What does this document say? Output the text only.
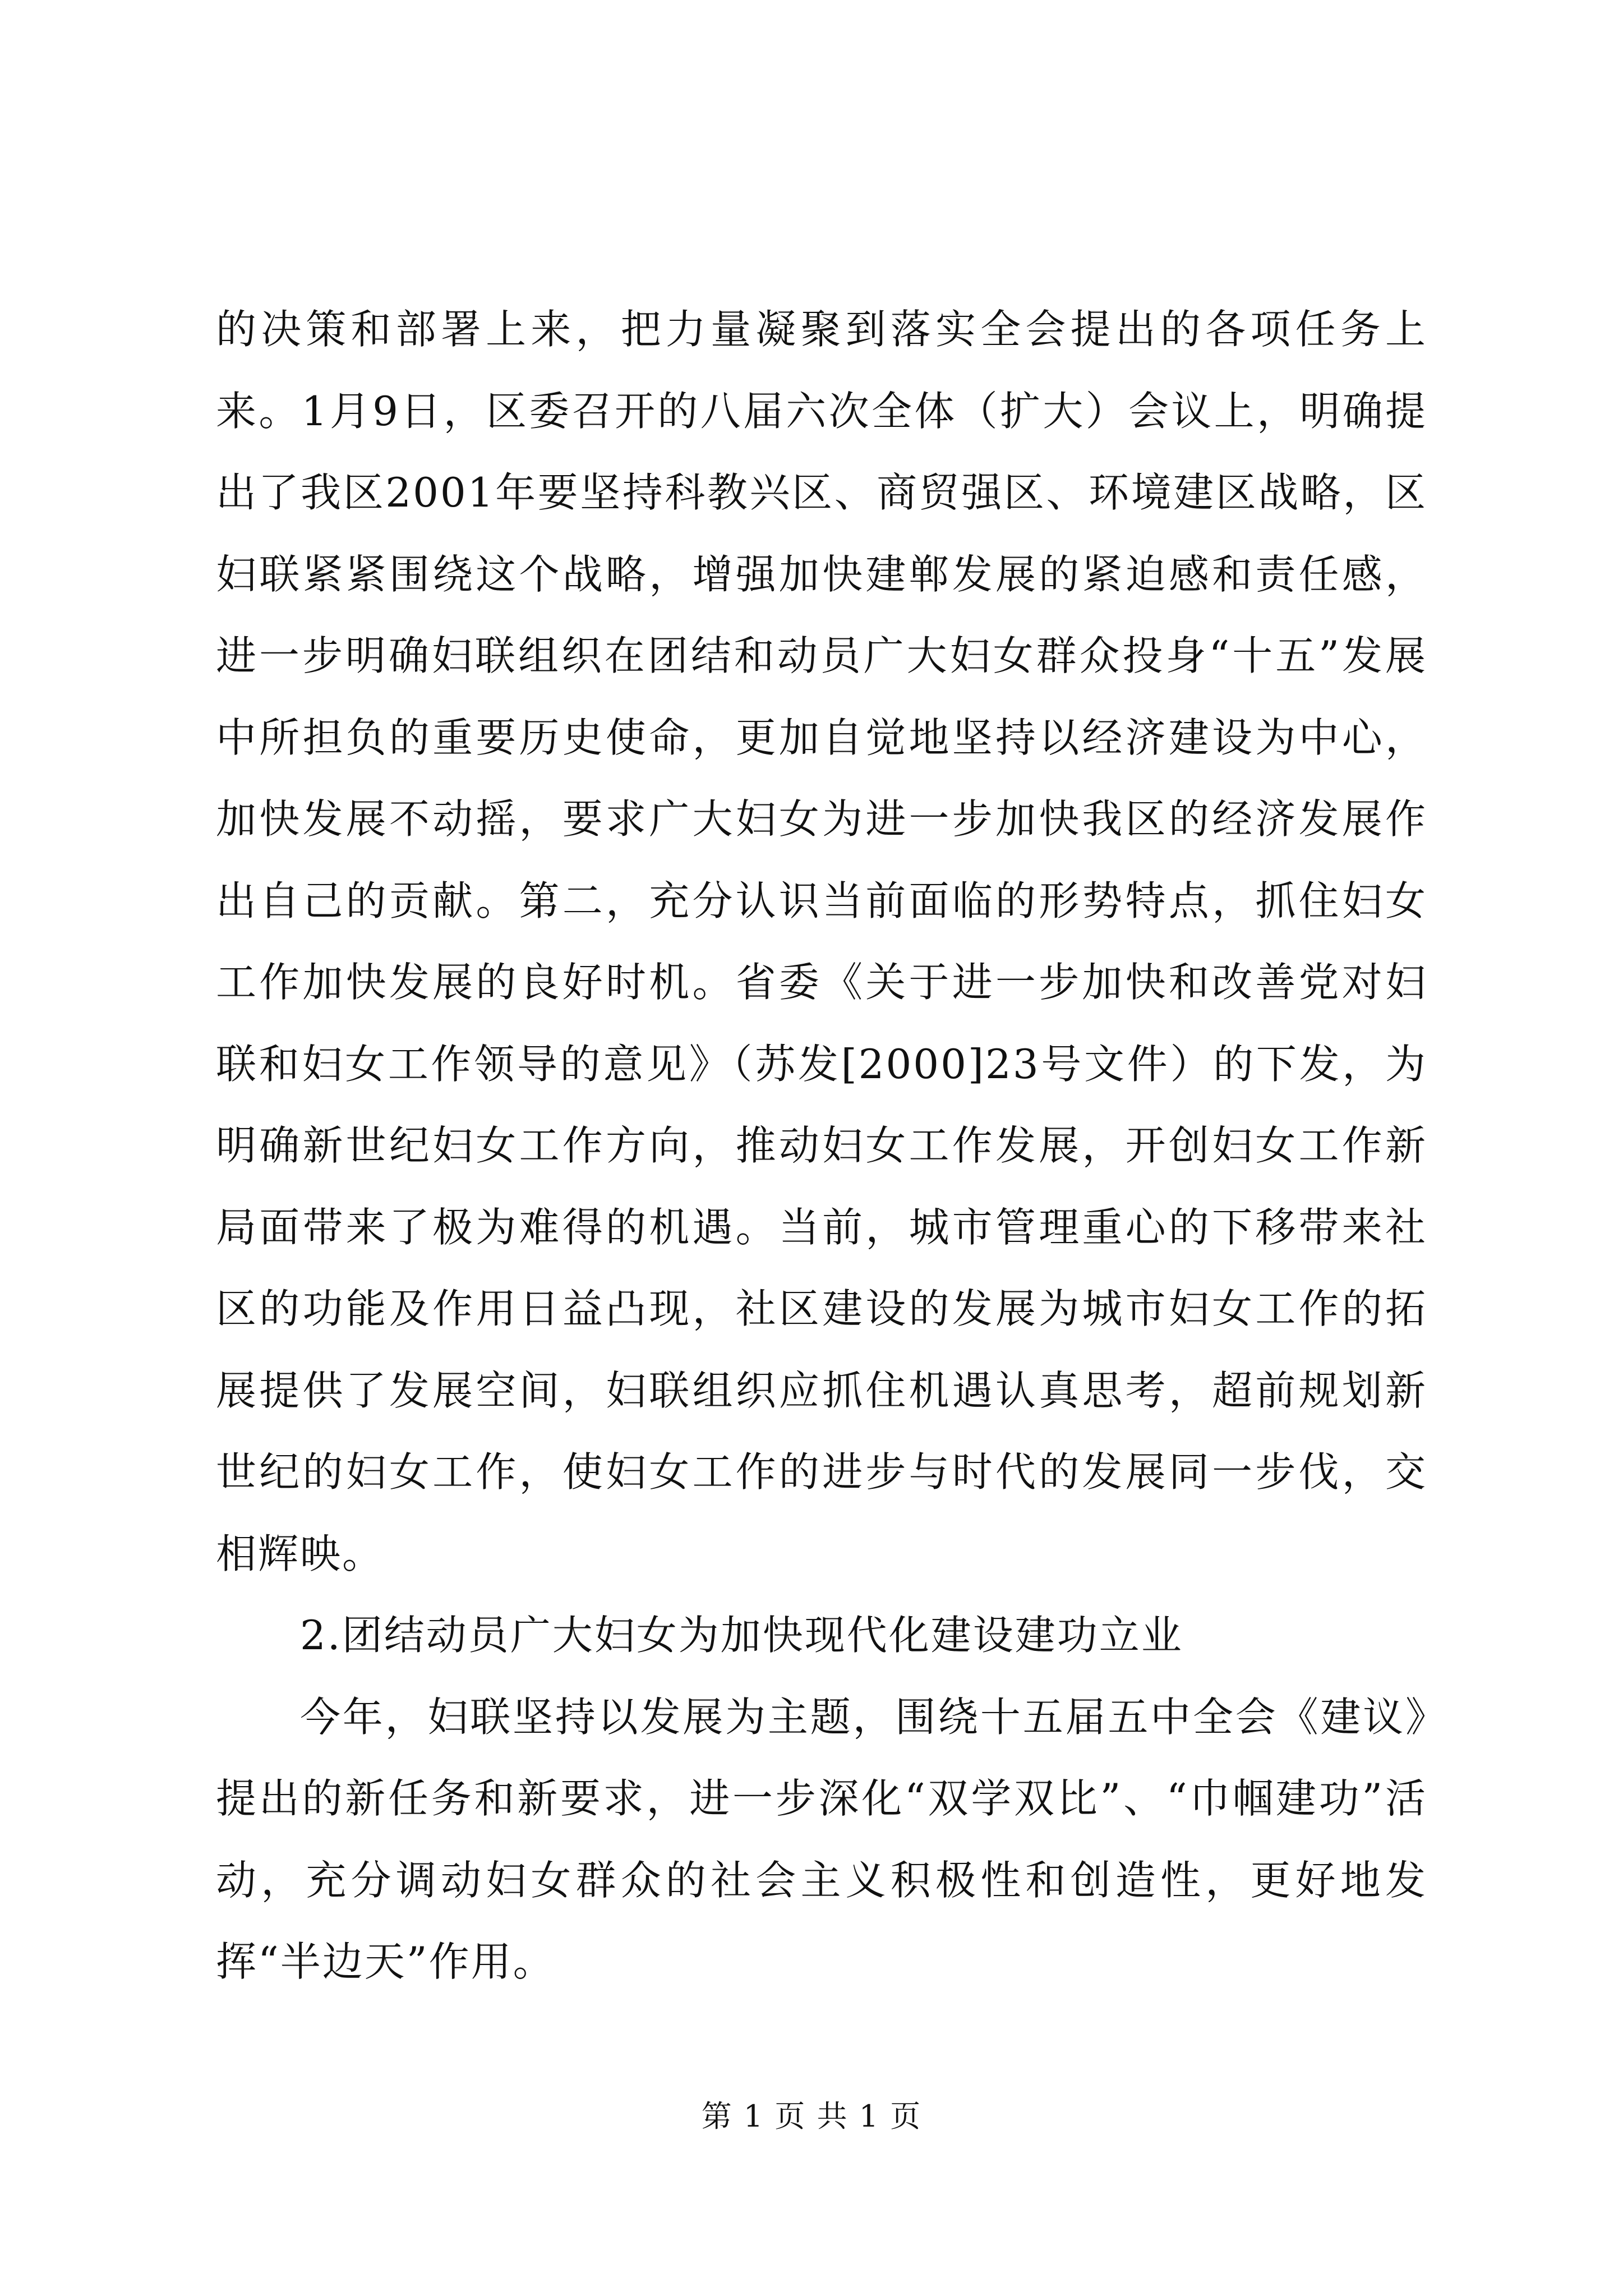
的决策和部署上来，把力量凝聚到落实全会提出的各项任务上来。1月9日，区委召开的八届六次全体（扩大）会议上，明确提出了我区2001年要坚持科教兴区、商贸强区、环境建区战略，区妇联紧紧围绕这个战略，增强加快建郸发展的紧迫感和责任感，进一步明确妇联组织在团结和动员广大妇女群众投身“十五”发展中所担负的重要历史使命，更加自觉地坚持以经济建设为中心，加快发展不动摇，要求广大妇女为进一步加快我区的经济发展作出自己的贡献。第二，充分认识当前面临的形势特点，抓住妇女工作加快发展的良好时机。省委《关于进一步加快和改善党对妇联和妇女工作领导的意见》（苏发[2000]23号文件）的下发，为明确新世纪妇女工作方向，推动妇女工作发展，开创妇女工作新局面带来了极为难得的机遇。当前，城市管理重心的下移带来社区的功能及作用日益凸现，社区建设的发展为城市妇女工作的拓展提供了发展空间，妇联组织应抓住机遇认真思考，超前规划新世纪的妇女工作，使妇女工作的进步与时代的发展同一步伐，交相辉映。

2.团结动员广大妇女为加快现代化建设建功立业

今年，妇联坚持以发展为主题，围绕十五届五中全会《建议》提出的新任务和新要求，进一步深化“双学双比”、“巾帼建功”活动，充分调动妇女群众的社会主义积极性和创造性，更好地发挥“半边天”作用。

第 1 页 共 1 页
